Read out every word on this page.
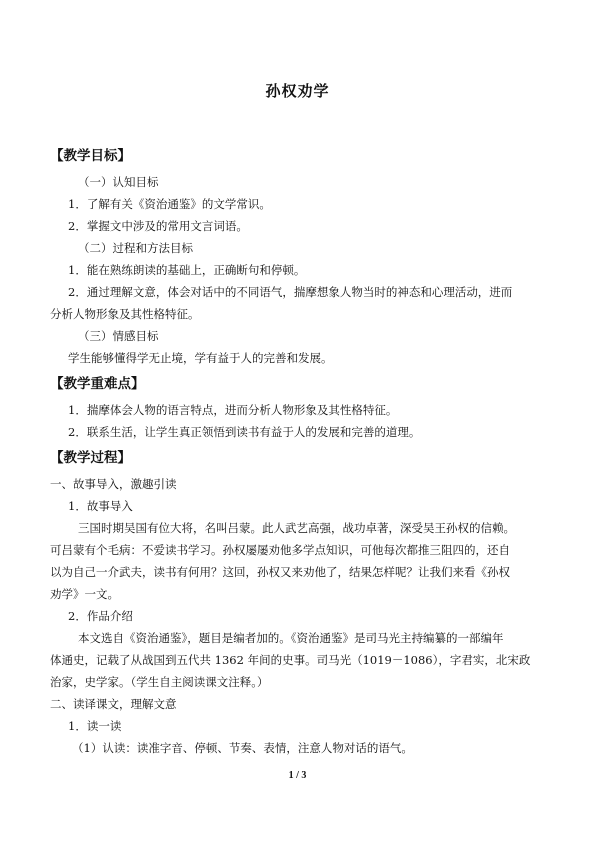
孙权劝学
【教学目标】
（一）认知目标
1．了解有关《资治通鉴》的文学常识。
2．掌握文中涉及的常用文言词语。
（二）过程和方法目标
1．能在熟练朗读的基础上，正确断句和停顿。
2．通过理解文意，体会对话中的不同语气，揣摩想象人物当时的神态和心理活动，进而
分析人物形象及其性格特征。
（三）情感目标
学生能够懂得学无止境，学有益于人的完善和发展。
【教学重难点】
1．揣摩体会人物的语言特点，进而分析人物形象及其性格特征。
2．联系生活，让学生真正领悟到读书有益于人的发展和完善的道理。
【教学过程】
一、故事导入，激趣引读
1．故事导入
三国时期吴国有位大将，名叫吕蒙。此人武艺高强，战功卓著，深受吴王孙权的信赖。
可吕蒙有个毛病：不爱读书学习。孙权屡屡劝他多学点知识，可他每次都推三阻四的，还自
以为自己一介武夫，读书有何用？这回，孙权又来劝他了，结果怎样呢？让我们来看《孙权
劝学》一文。
2．作品介绍
本文选自《资治通鉴》，题目是编者加的。《资治通鉴》是司马光主持编纂的一部编年
体通史，记载了从战国到五代共 1362 年间的史事。司马光（1019－1086），字君实，北宋政
治家，史学家。（学生自主阅读课文注释。）
二、读译课文，理解文意
1．读一读
（1）认读：读准字音、停顿、节奏、表情，注意人物对话的语气。
1 / 3
